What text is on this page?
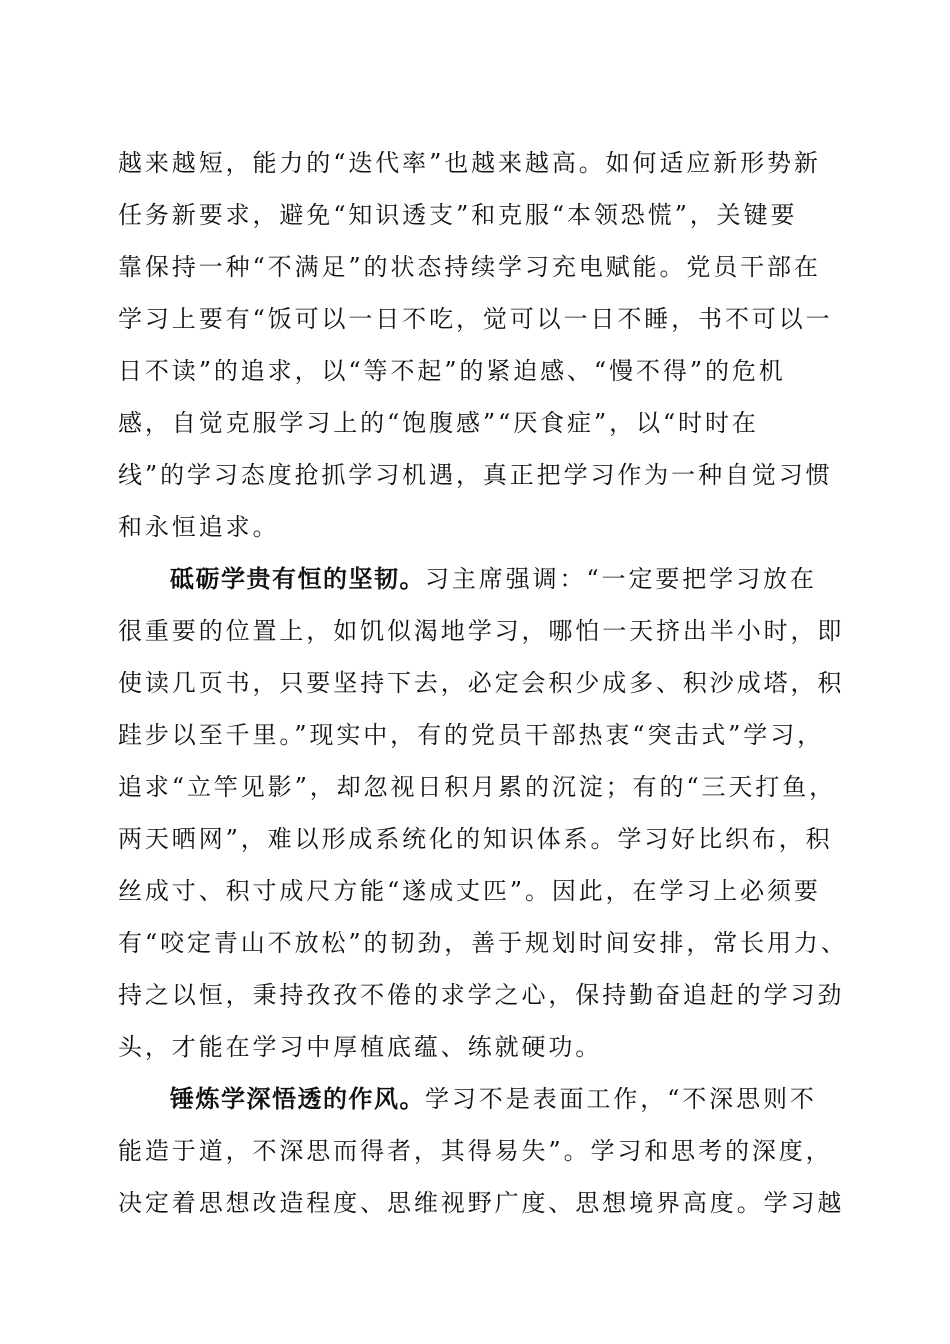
越来越短，能力的“迭代率”也越来越高。如何适应新形势新
任务新要求，避免“知识透支”和克服“本领恐慌”，关键要
靠保持一种“不满足”的状态持续学习充电赋能。党员干部在
学习上要有“饭可以一日不吃，觉可以一日不睡，书不可以一
日不读”的追求，以“等不起”的紧迫感、“慢不得”的危机
感，自觉克服学习上的“饱腹感”“厌食症”，以“时时在
线”的学习态度抢抓学习机遇，真正把学习作为一种自觉习惯
和永恒追求。
砥砺学贵有恒的坚韧。习主席强调：“一定要把学习放在
很重要的位置上，如饥似渴地学习，哪怕一天挤出半小时，即
使读几页书，只要坚持下去，必定会积少成多、积沙成塔，积
跬步以至千里。”现实中，有的党员干部热衷“突击式”学习，
追求“立竿见影”，却忽视日积月累的沉淀；有的“三天打鱼，
两天晒网”，难以形成系统化的知识体系。学习好比织布，积
丝成寸、积寸成尺方能“遂成丈匹”。因此，在学习上必须要
有“咬定青山不放松”的韧劲，善于规划时间安排，常长用力、
持之以恒，秉持孜孜不倦的求学之心，保持勤奋追赶的学习劲
头，才能在学习中厚植底蕴、练就硬功。
锤炼学深悟透的作风。学习不是表面工作，“不深思则不
能造于道，不深思而得者，其得易失”。学习和思考的深度，
决定着思想改造程度、思维视野广度、思想境界高度。学习越
